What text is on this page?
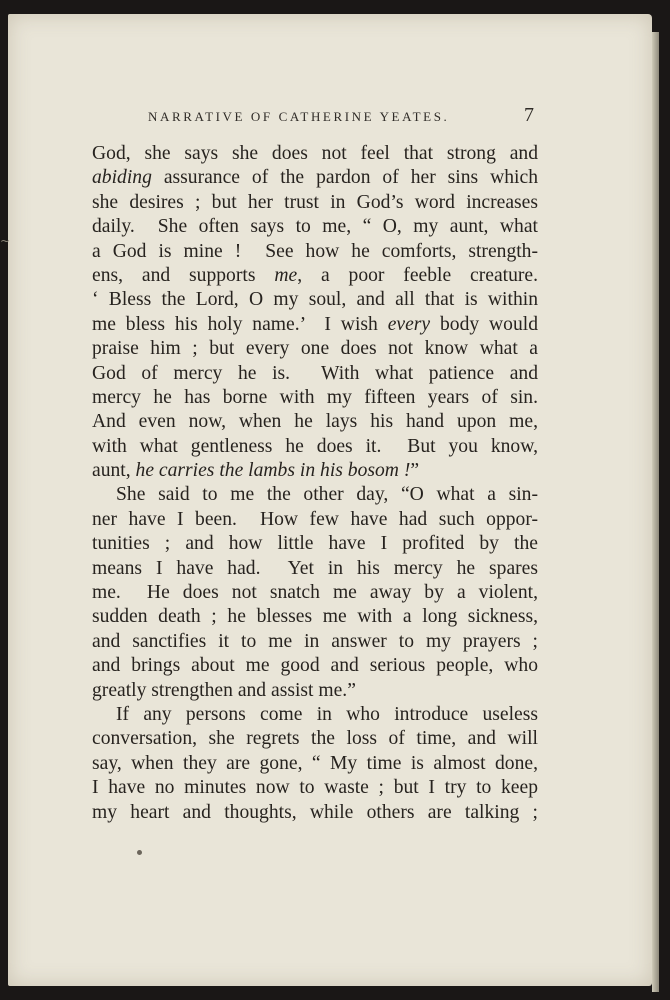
~
NARRATIVE OF CATHERINE YEATES.	7
God, she says she does not feel that strong and
abiding assurance of the pardon of her sins which
she desires ; but her trust in God’s word increases
daily.  She often says to me, “ O, my aunt, what
a God is mine !  See how he comforts, strength-
ens, and supports me, a poor feeble creature.
‘ Bless the Lord, O my soul, and all that is within
me bless his holy name.’  I wish every body would
praise him ; but every one does not know what a
God of mercy he is.  With what patience and
mercy he has borne with my fifteen years of sin.
And even now, when he lays his hand upon me,
with what gentleness he does it.  But you know,
aunt, he carries the lambs in his bosom !”
She said to me the other day, “O what a sin-
ner have I been.  How few have had such oppor-
tunities ; and how little have I profited by the
means I have had.  Yet in his mercy he spares
me.  He does not snatch me away by a violent,
sudden death ; he blesses me with a long sickness,
and sanctifies it to me in answer to my prayers ;
and brings about me good and serious people, who
greatly strengthen and assist me.”
If any persons come in who introduce useless
conversation, she regrets the loss of time, and will
say, when they are gone, “ My time is almost done,
I have no minutes now to waste ; but I try to keep
my heart and thoughts, while others are talking ;
